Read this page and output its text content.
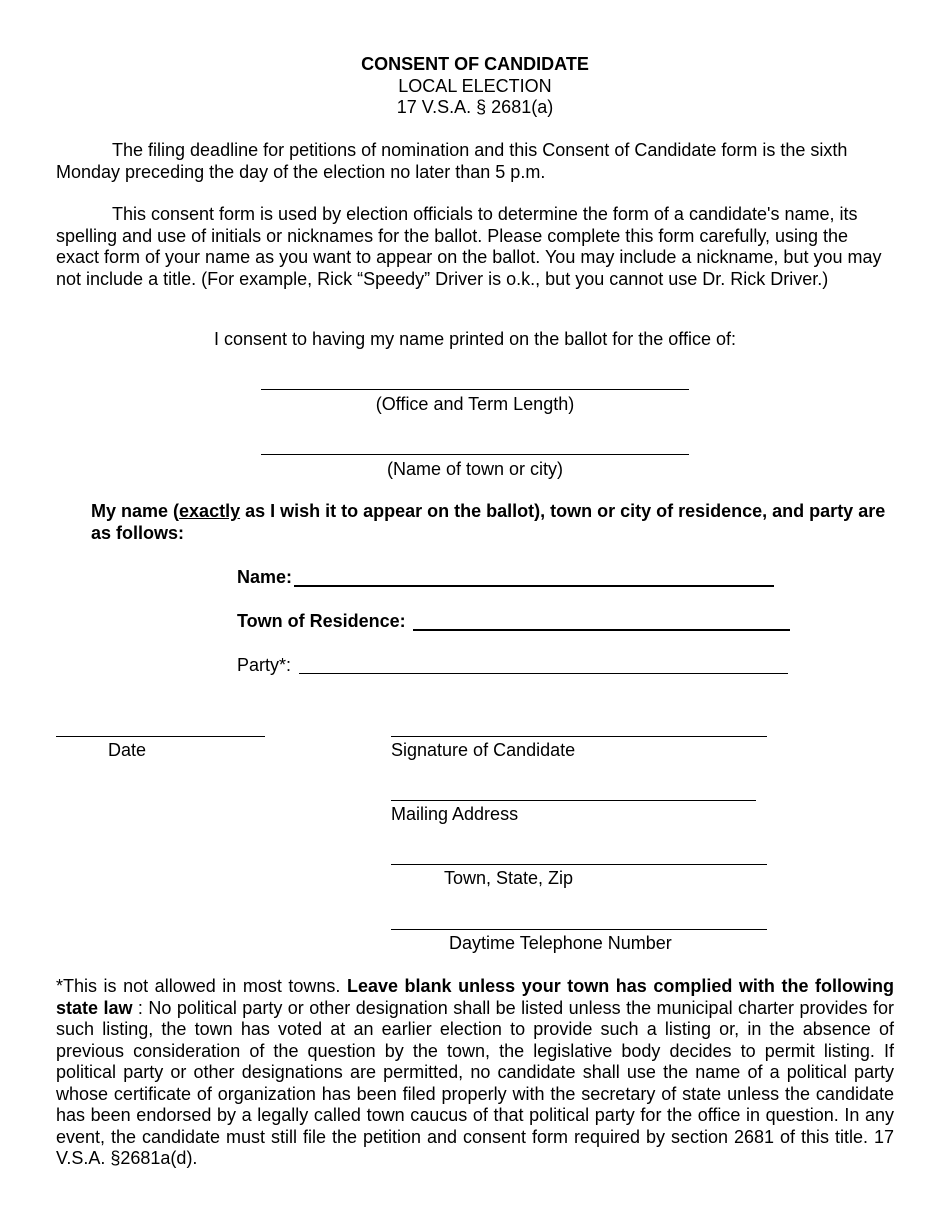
CONSENT OF CANDIDATE
LOCAL ELECTION
17 V.S.A. § 2681(a)

The filing deadline for petitions of nomination and this Consent of Candidate form is the sixth Monday preceding the day of the election no later than 5 p.m.

This consent form is used by election officials to determine the form of a candidate's name, its spelling and use of initials or nicknames for the ballot. Please complete this form carefully, using the exact form of your name as you want to appear on the ballot. You may include a nickname, but you may not include a title. (For example, Rick “Speedy” Driver is o.k., but you cannot use Dr. Rick Driver.)

I consent to having my name printed on the ballot for the office of:
(Office and Term Length)
(Name of town or city)

My name (exactly as I wish it to appear on the ballot), town or city of residence, and party are as follows:

Name:
Town of Residence:
Party*:
Date	Signature of Candidate
Mailing Address
Town, State, Zip
Daytime Telephone Number

*This is not allowed in most towns. Leave blank unless your town has complied with the following state law : No political party or other designation shall be listed unless the municipal charter provides for such listing, the town has voted at an earlier election to provide such a listing or, in the absence of previous consideration of the question by the town, the legislative body decides to permit listing. If political party or other designations are permitted, no candidate shall use the name of a political party whose certificate of organization has been filed properly with the secretary of state unless the candidate has been endorsed by a legally called town caucus of that political party for the office in question. In any event, the candidate must still file the petition and consent form required by section 2681 of this title. 17 V.S.A. §2681a(d).
